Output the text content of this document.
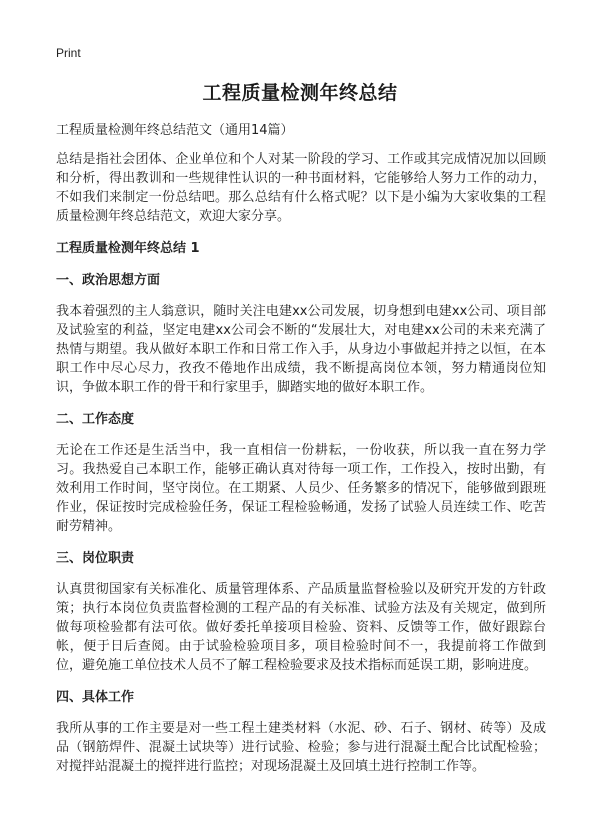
Print
工程质量检测年终总结

工程质量检测年终总结范文（通用14篇）

总结是指社会团体、企业单位和个人对某一阶段的学习、工作或其完成情况加以回顾和分析，得出教训和一些规律性认识的一种书面材料，它能够给人努力工作的动力，不如我们来制定一份总结吧。那么总结有什么格式呢？以下是小编为大家收集的工程质量检测年终总结范文，欢迎大家分享。

工程质量检测年终总结 1

一、政治思想方面

我本着强烈的主人翁意识，随时关注电建xx公司发展，切身想到电建xx公司、项目部及试验室的利益，坚定电建xx公司会不断的“发展壮大，对电建xx公司的未来充满了热情与期望。我从做好本职工作和日常工作入手，从身边小事做起并持之以恒，在本职工作中尽心尽力，孜孜不倦地作出成绩，我不断提高岗位本领，努力精通岗位知识，争做本职工作的骨干和行家里手，脚踏实地的做好本职工作。

二、工作态度

无论在工作还是生活当中，我一直相信一份耕耘，一份收获，所以我一直在努力学习。我热爱自己本职工作，能够正确认真对待每一项工作，工作投入，按时出勤，有效利用工作时间，坚守岗位。在工期紧、人员少、任务繁多的情况下，能够做到跟班作业，保证按时完成检验任务，保证工程检验畅通，发扬了试验人员连续工作、吃苦耐劳精神。

三、岗位职责

认真贯彻国家有关标准化、质量管理体系、产品质量监督检验以及研究开发的方针政策；执行本岗位负责监督检测的工程产品的有关标准、试验方法及有关规定，做到所做每项检验都有法可依。做好委托单接项目检验、资料、反馈等工作，做好跟踪台帐，便于日后查阅。由于试验检验项目多，项目检验时间不一，我提前将工作做到位，避免施工单位技术人员不了解工程检验要求及技术指标而延误工期，影响进度。

四、具体工作

我所从事的工作主要是对一些工程土建类材料（水泥、砂、石子、钢材、砖等）及成品（钢筋焊件、混凝土试块等）进行试验、检验；参与进行混凝土配合比试配检验；对搅拌站混凝土的搅拌进行监控；对现场混凝土及回填土进行控制工作等。
